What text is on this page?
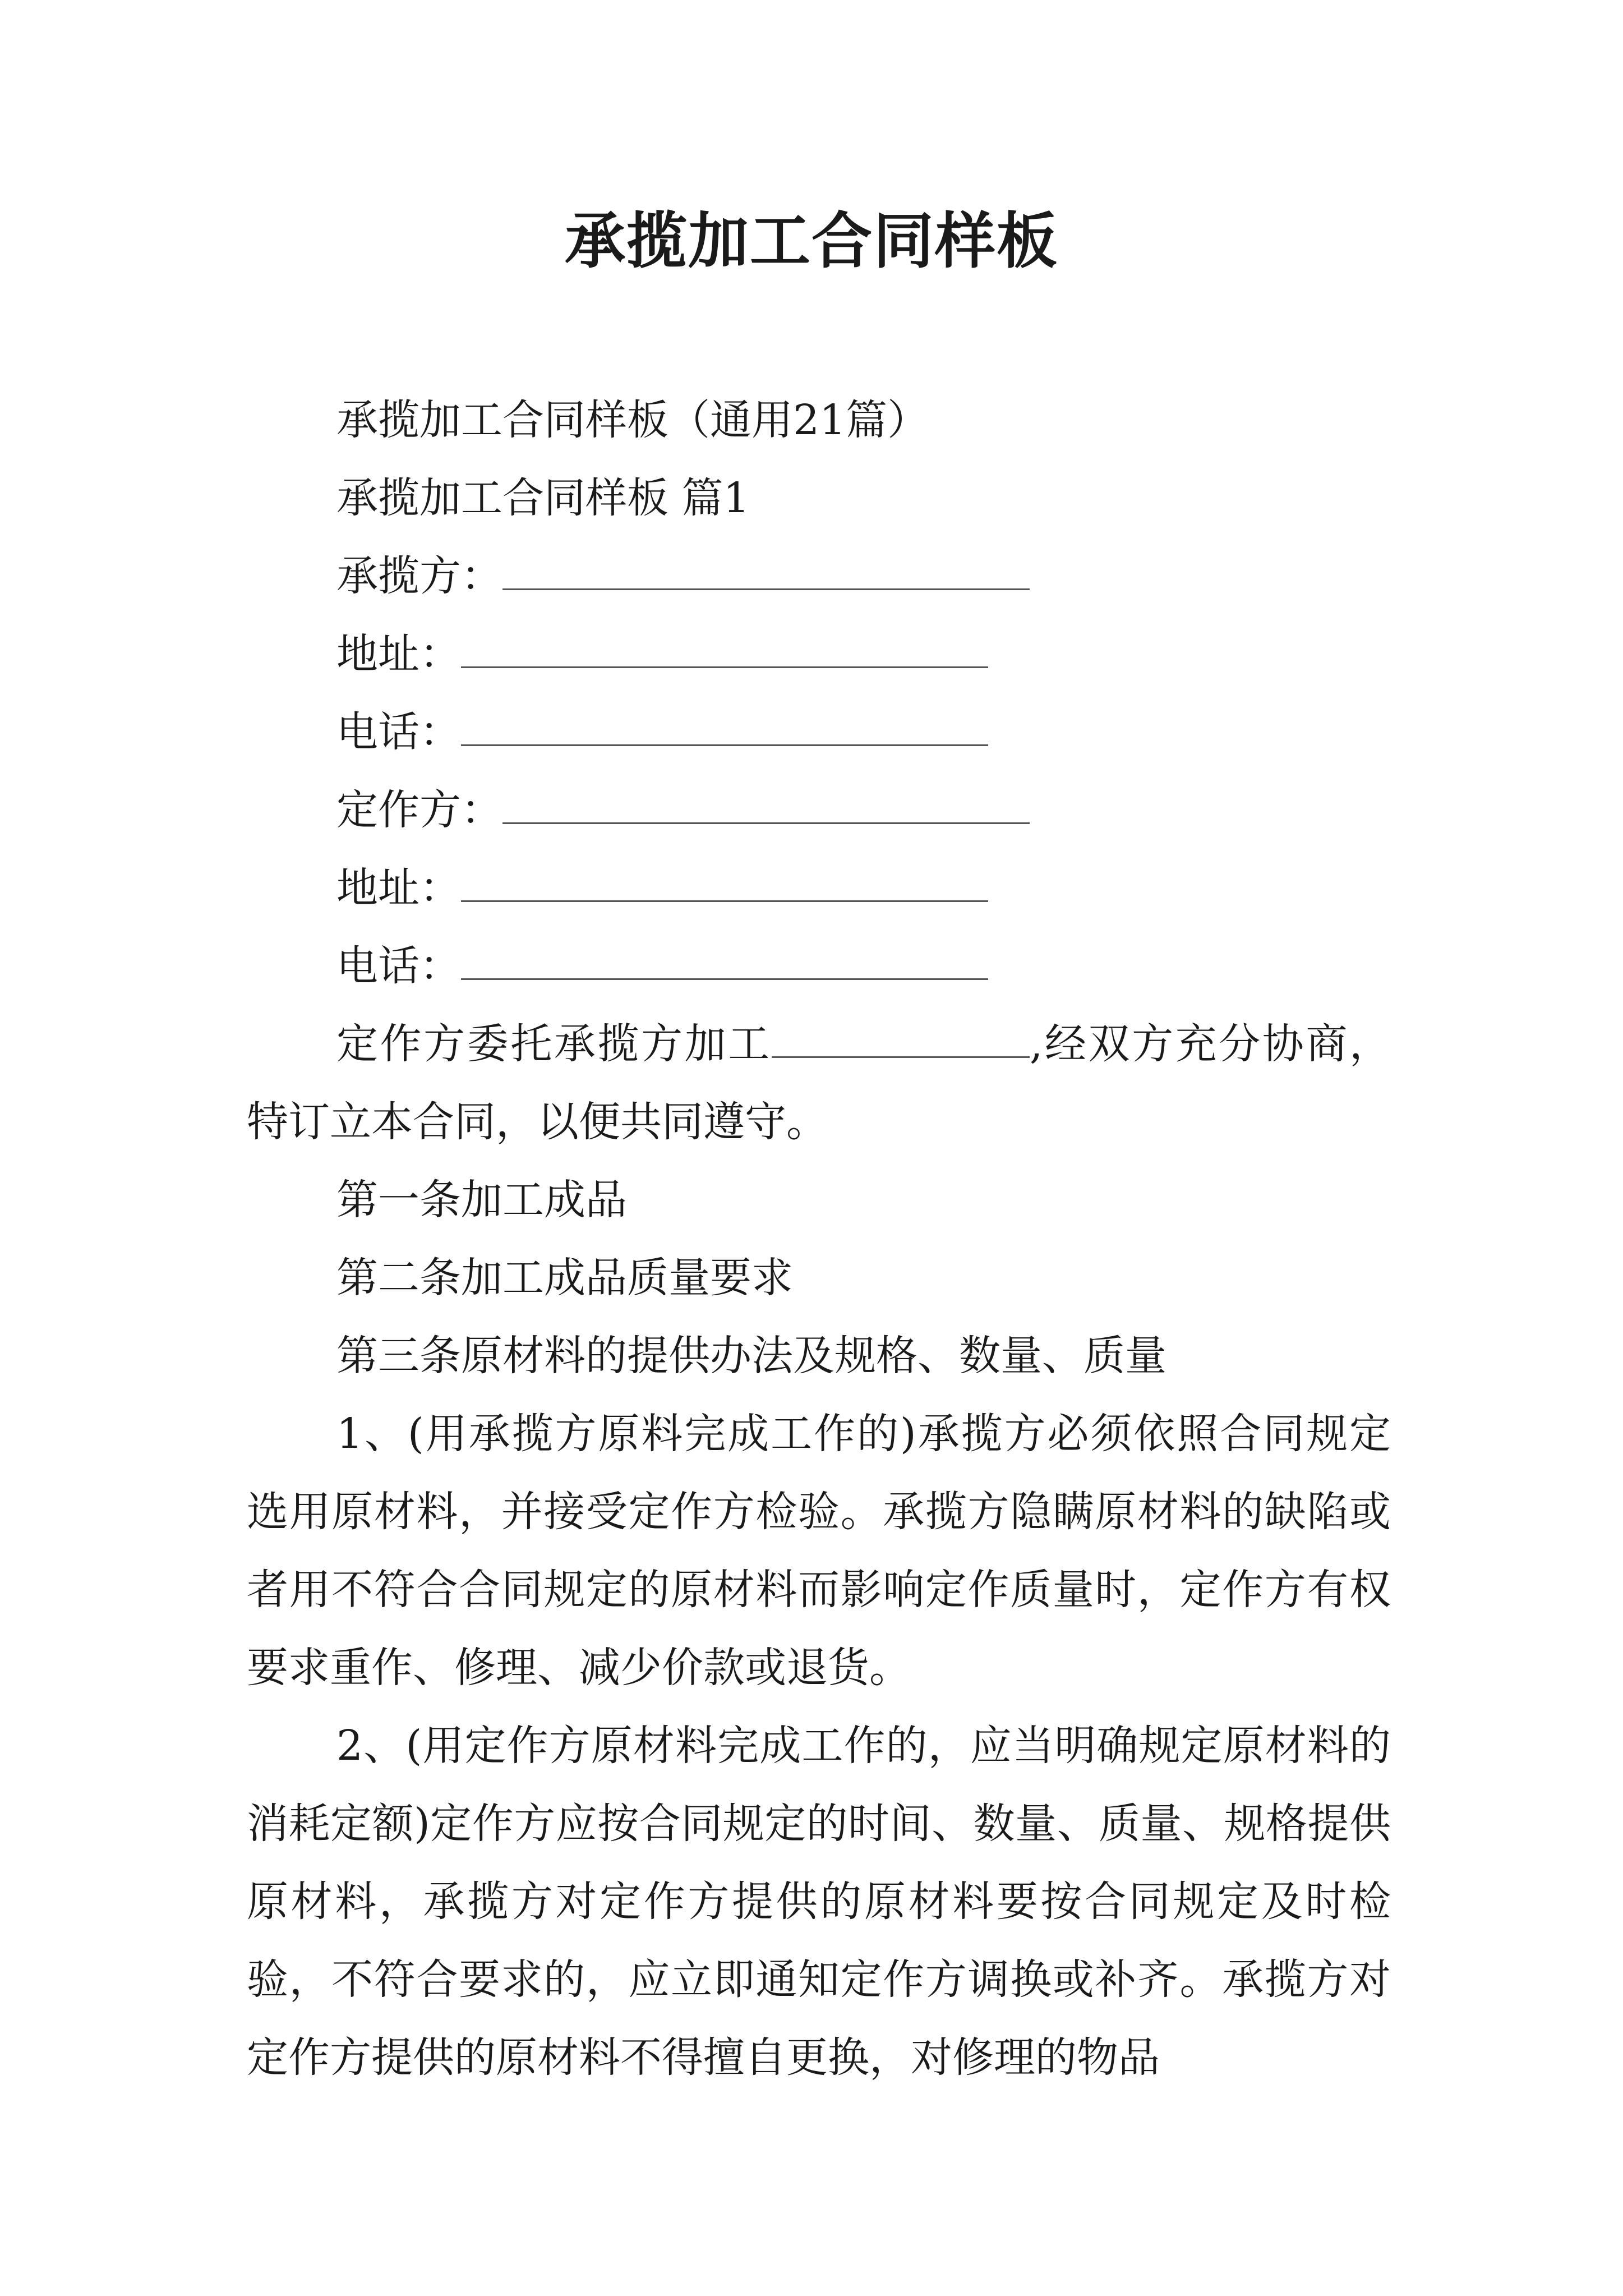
承揽加工合同样板
承揽加工合同样板（通用21篇）
承揽加工合同样板 篇1
承揽方：
地址：
电话：
定作方：
地址：
电话：
定作方委托承揽方加工	,经双方充分协商，特订立本合同，以便共同遵守。
第一条加工成品
第二条加工成品质量要求
第三条原材料的提供办法及规格、数量、质量
1、(用承揽方原料完成工作的)承揽方必须依照合同规定选用原材料，并接受定作方检验。承揽方隐瞒原材料的缺陷或者用不符合合同规定的原材料而影响定作质量时，定作方有权要求重作、修理、减少价款或退货。
2、(用定作方原材料完成工作的，应当明确规定原材料的消耗定额)定作方应按合同规定的时间、数量、质量、规格提供原材料，承揽方对定作方提供的原材料要按合同规定及时检验，不符合要求的，应立即通知定作方调换或补齐。承揽方对定作方提供的原材料不得擅自更换，对修理的物品
